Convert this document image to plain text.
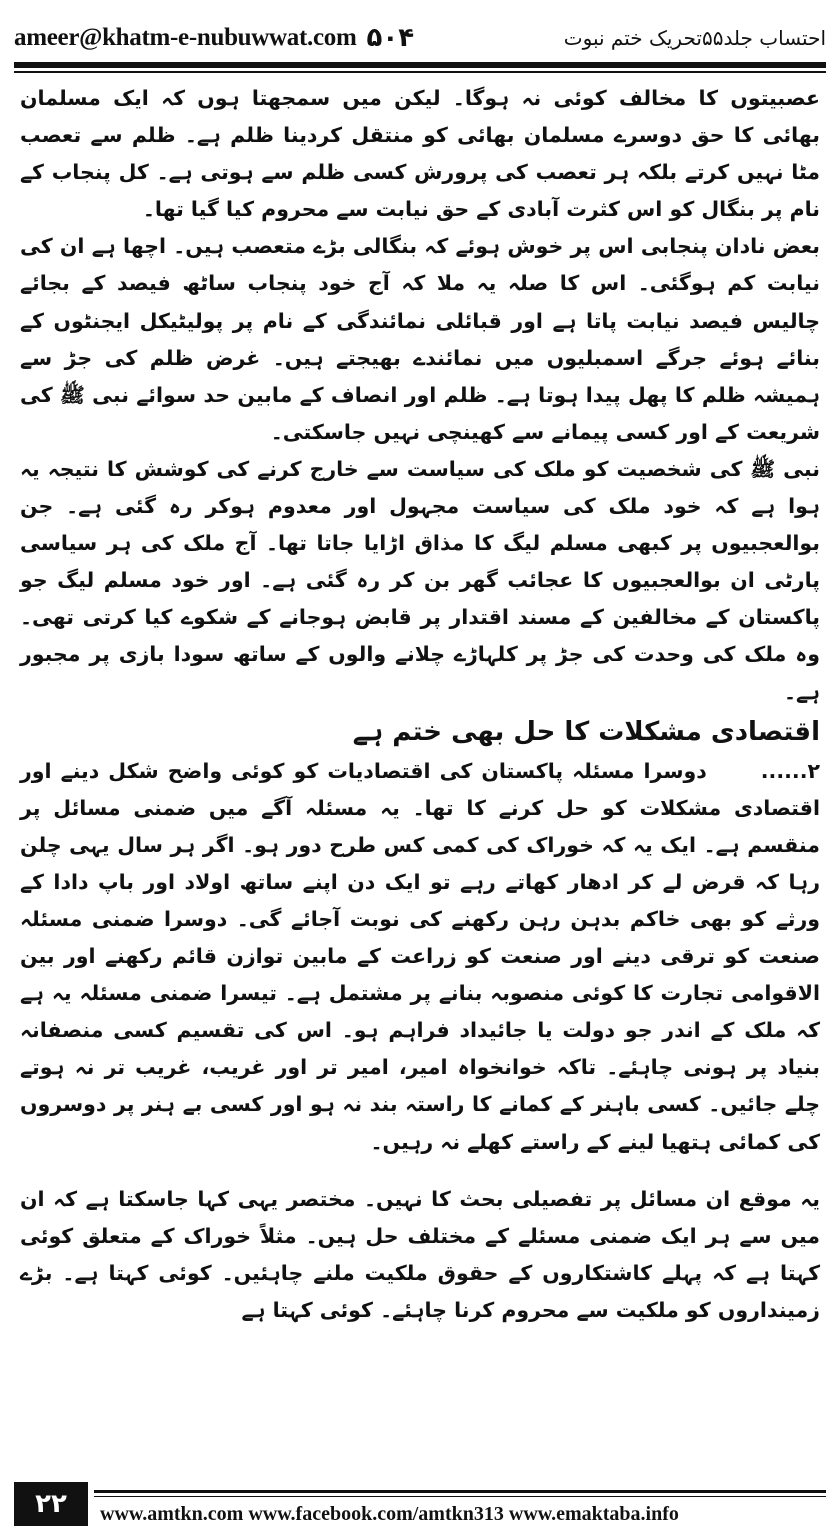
ameer@khatm-e-nubuwwat.com ۵۰۴	احتساب جلد۵۵تحریک ختم نبوت

عصبیتوں کا مخالف کوئی نہ ہوگا۔ لیکن میں سمجھتا ہوں کہ ایک مسلمان بھائی کا حق دوسرے مسلمان بھائی کو منتقل کردینا ظلم ہے۔ ظلم سے تعصب مٹا نہیں کرتے بلکہ ہر تعصب کی پرورش کسی ظلم سے ہوتی ہے۔ کل پنجاب کے نام پر بنگال کو اس کثرت آبادی کے حق نیابت سے محروم کیا گیا تھا۔

بعض نادان پنجابی اس پر خوش ہوئے کہ بنگالی بڑے متعصب ہیں۔ اچھا ہے ان کی نیابت کم ہوگئی۔ اس کا صلہ یہ ملا کہ آج خود پنجاب ساٹھ فیصد کے بجائے چالیس فیصد نیابت پاتا ہے اور قبائلی نمائندگی کے نام پر پولیٹیکل ایجنٹوں کے بنائے ہوئے جرگے اسمبلیوں میں نمائندے بھیجتے ہیں۔ غرض ظلم کی جڑ سے ہمیشہ ظلم کا پھل پیدا ہوتا ہے۔ ظلم اور انصاف کے مابین حد سوائے نبی ﷺ کی شریعت کے اور کسی پیمانے سے کھینچی نہیں جاسکتی۔

نبی ﷺ کی شخصیت کو ملک کی سیاست سے خارج کرنے کی کوشش کا نتیجہ یہ ہوا ہے کہ خود ملک کی سیاست مجہول اور معدوم ہوکر رہ گئی ہے۔ جن بوالعجبیوں پر کبھی مسلم لیگ کا مذاق اڑایا جاتا تھا۔ آج ملک کی ہر سیاسی پارٹی ان بوالعجبیوں کا عجائب گھر بن کر رہ گئی ہے۔ اور خود مسلم لیگ جو پاکستان کے مخالفین کے مسند اقتدار پر قابض ہوجانے کے شکوے کیا کرتی تھی۔ وہ ملک کی وحدت کی جڑ پر کلہاڑے چلانے والوں کے ساتھ سودا بازی پر مجبور ہے۔

اقتصادی مشکلات کا حل بھی ختم ہے

۲......دوسرا مسئلہ پاکستان کی اقتصادیات کو کوئی واضح شکل دینے اور اقتصادی مشکلات کو حل کرنے کا تھا۔ یہ مسئلہ آگے میں ضمنی مسائل پر منقسم ہے۔ ایک یہ کہ خوراک کی کمی کس طرح دور ہو۔ اگر ہر سال یہی چلن رہا کہ قرض لے کر ادھار کھاتے رہے تو ایک دن اپنے ساتھ اولاد اور باپ دادا کے ورثے کو بھی خاکم بدہن رہن رکھنے کی نوبت آجائے گی۔ دوسرا ضمنی مسئلہ صنعت کو ترقی دینے اور صنعت کو زراعت کے مابین توازن قائم رکھنے اور بین الاقوامی تجارت کا کوئی منصوبہ بنانے پر مشتمل ہے۔ تیسرا ضمنی مسئلہ یہ ہے کہ ملک کے اندر جو دولت یا جائیداد فراہم ہو۔ اس کی تقسیم کسی منصفانہ بنیاد پر ہونی چاہئے۔ تاکہ خوانخواہ امیر، امیر تر اور غریب، غریب تر نہ ہوتے چلے جائیں۔ کسی باہنر کے کمانے کا راستہ بند نہ ہو اور کسی بے ہنر پر دوسروں کی کمائی ہتھیا لینے کے راستے کھلے نہ رہیں۔

یہ موقع ان مسائل پر تفصیلی بحث کا نہیں۔ مختصر یہی کہا جاسکتا ہے کہ ان میں سے ہر ایک ضمنی مسئلے کے مختلف حل ہیں۔ مثلاً خوراک کے متعلق کوئی کہتا ہے کہ پہلے کاشتکاروں کے حقوق ملکیت ملنے چاہئیں۔ کوئی کہتا ہے۔ بڑے زمینداروں کو ملکیت سے محروم کرنا چاہئے۔ کوئی کہتا ہے

۲۲	www.amtkn.com www.facebook.com/amtkn313 www.emaktaba.info
